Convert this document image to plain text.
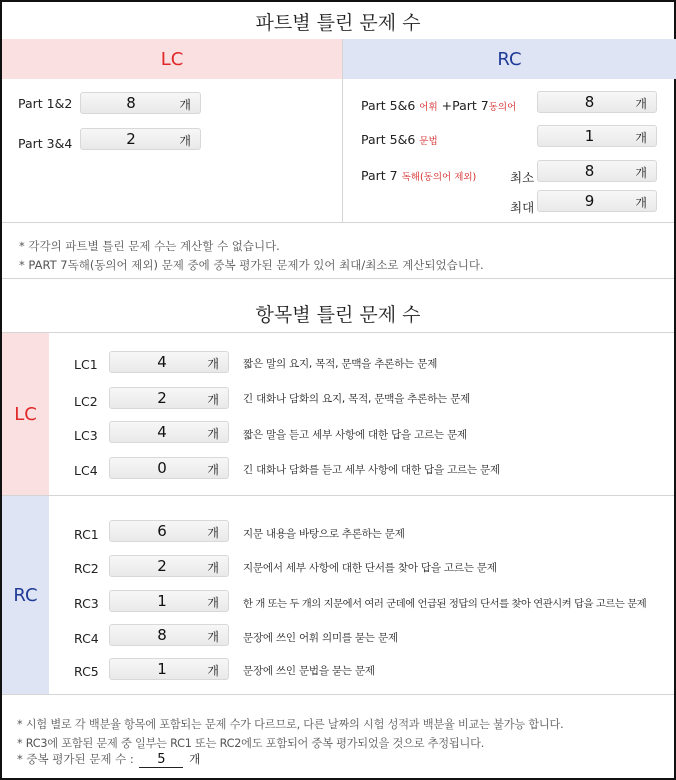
파트별 틀린 문제 수
LC	RC
Part 1&2	8	개
Part 3&4	2	개
Part 5&6 어휘 +Part 7동의어	8	개
Part 5&6 문법	1	개
Part 7 독해(동의어 제외)	최소	8	개
최대	9	개
* 각각의 파트별 틀린 문제 수는 계산할 수 없습니다.
* PART 7독해(동의어 제외) 문제 중에 중복 평가된 문제가 있어 최대/최소로 계산되었습니다.
항목별 틀린 문제 수
LC
LC1	4	개 짧은 말의 요지, 목적, 문맥을 추론하는 문제
LC2	2	개 긴 대화나 담화의 요지, 목적, 문맥을 추론하는 문제
LC3	4	개 짧은 말을 듣고 세부 사항에 대한 답을 고르는 문제
LC4	0	개 긴 대화나 담화를 듣고 세부 사항에 대한 답을 고르는 문제
RC
RC1	6	개 지문 내용을 바탕으로 추론하는 문제
RC2	2	개 지문에서 세부 사항에 대한 단서를 찾아 답을 고르는 문제
RC3	1	개 한 개 또는 두 개의 지문에서 여러 군데에 언급된 정답의 단서를 찾아 연관시켜 답을 고르는 문제
RC4	8	개 문장에 쓰인 어휘 의미를 묻는 문제
RC5	1	개 문장에 쓰인 문법을 묻는 문제
* 시험 별로 각 백분율 항목에 포함되는 문제 수가 다르므로, 다른 날짜의 시험 성적과 백분율 비교는 불가능 합니다.
* RC3에 포함된 문제 중 일부는 RC1 또는 RC2에도 포함되어 중복 평가되었을 것으로 추정됩니다.
* 중복 평가된 문제 수 : 5 개
